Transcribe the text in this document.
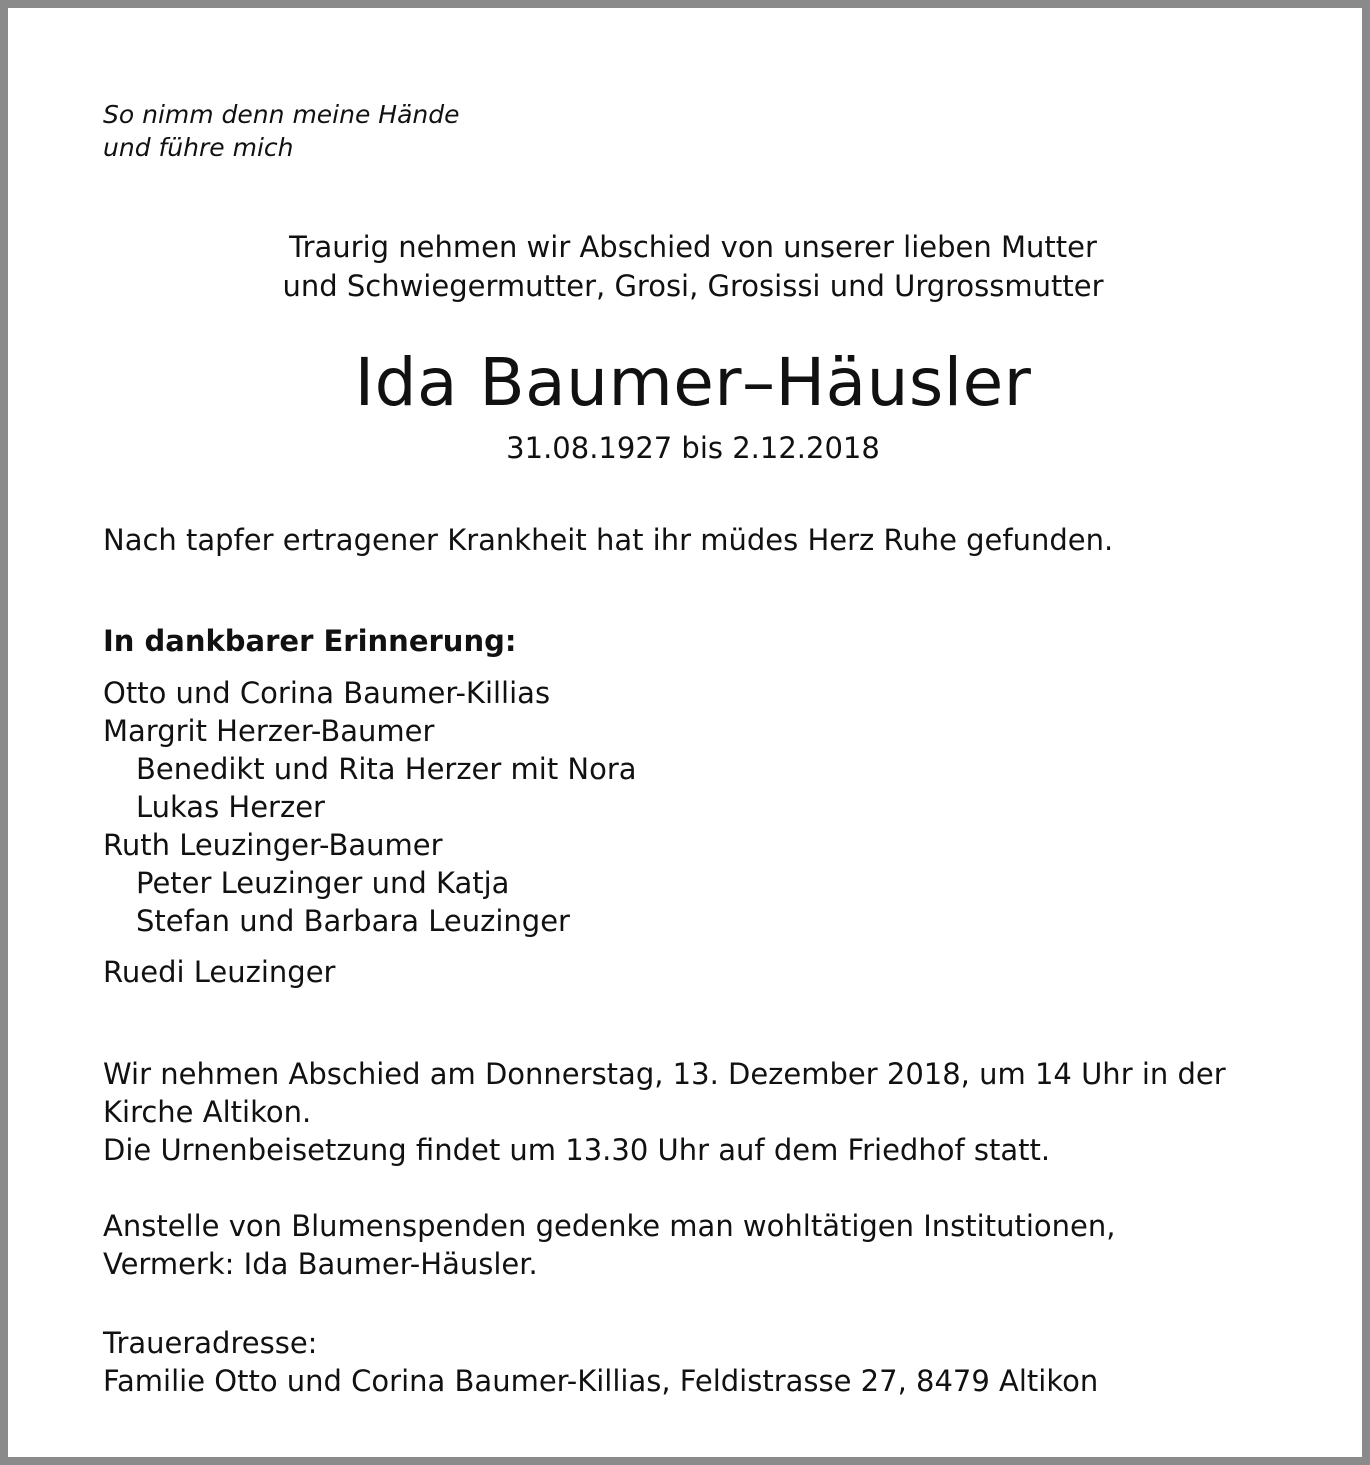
So nimm denn meine Hände
und führe mich
Traurig nehmen wir Abschied von unserer lieben Mutter
und Schwiegermutter, Grosi, Grosissi und Urgrossmutter
Ida Baumer–Häusler
31.08.1927 bis 2.12.2018
Nach tapfer ertragener Krankheit hat ihr müdes Herz Ruhe gefunden.
In dankbarer Erinnerung:
Otto und Corina Baumer-Killias
Margrit Herzer-Baumer
Benedikt und Rita Herzer mit Nora
Lukas Herzer
Ruth Leuzinger-Baumer
Peter Leuzinger und Katja
Stefan und Barbara Leuzinger
Ruedi Leuzinger

Wir nehmen Abschied am Donnerstag, 13. Dezember 2018, um 14 Uhr in der Kirche Altikon.

Die Urnenbeisetzung findet um 13.30 Uhr auf dem Friedhof statt.

Anstelle von Blumenspenden gedenke man wohltätigen Institutionen,

Vermerk: Ida Baumer-Häusler.

Traueradresse:

Familie Otto und Corina Baumer-Killias, Feldistrasse 27, 8479 Altikon
